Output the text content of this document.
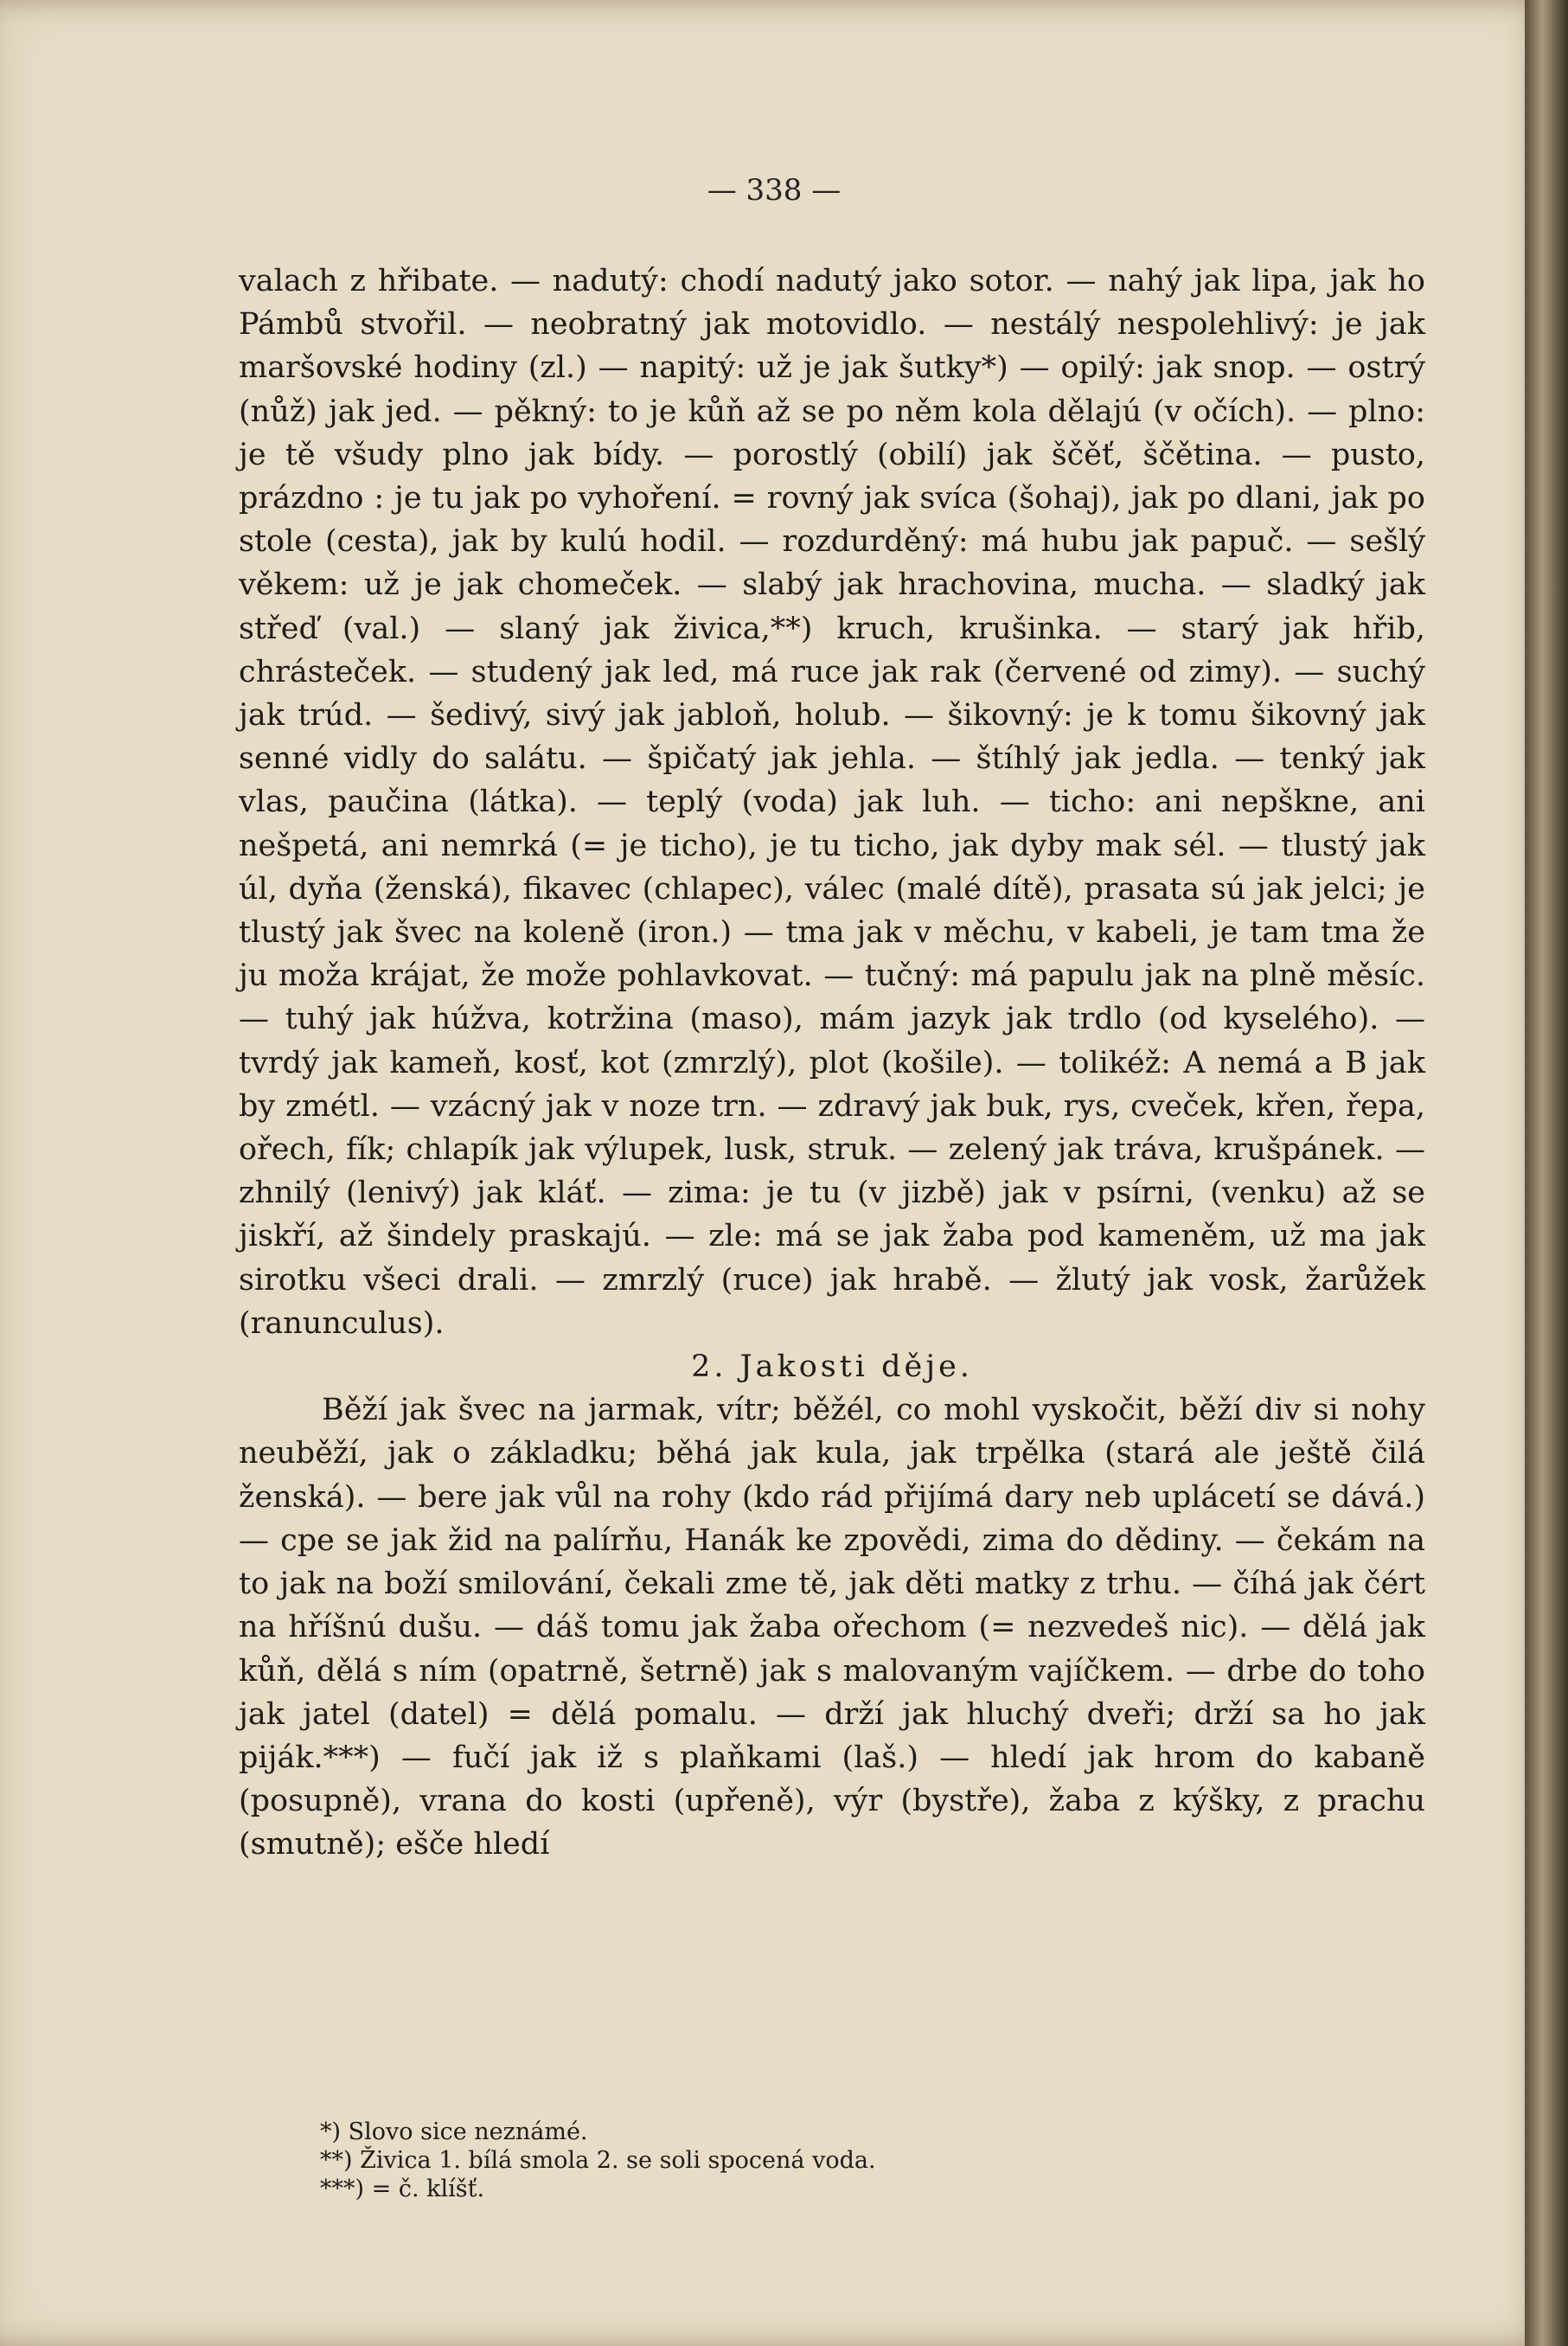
— 338 —

valach z hřibate. — nadutý: chodí nadutý jako sotor. — nahý jak lipa, jak ho Pámbů stvořil. — neobratný jak motovidlo. — nestálý nespolehlivý: je jak maršovské hodiny (zl.) — napitý: už je jak šutky*) — opilý: jak snop. — ostrý (nůž) jak jed. — pěkný: to je kůň až se po něm kola dělajú (v očích). — plno: je tě všudy plno jak bídy. — porostlý (obilí) jak ščěť, ščětina. — pusto, prázdno : je tu jak po vyhoření. = rovný jak svíca (šohaj), jak po dlani, jak po stole (cesta), jak by kulú hodil. — rozdurděný: má hubu jak papuč. — sešlý věkem: už je jak chomeček. — slabý jak hrachovina, mucha. — sladký jak střeď (val.) — slaný jak živica,**) kruch, krušinka. — starý jak hřib, chrásteček. — studený jak led, má ruce jak rak (červené od zimy). — suchý jak trúd. — šedivý, sivý jak jabloň, holub. — šikovný: je k tomu šikovný jak senné vidly do salátu. — špičatý jak jehla. — štíhlý jak jedla. — tenký jak vlas, paučina (látka). — teplý (voda) jak luh. — ticho: ani nepškne, ani nešpetá, ani nemrká (= je ticho), je tu ticho, jak dyby mak sél. — tlustý jak úl, dyňa (ženská), fikavec (chlapec), válec (malé dítě), prasata sú jak jelci; je tlustý jak švec na koleně (iron.) — tma jak v měchu, v kabeli, je tam tma že ju moža krájat, že može pohlavkovat. — tučný: má papulu jak na plně měsíc. — tuhý jak húžva, kotržina (maso), mám jazyk jak trdlo (od kyselého). — tvrdý jak kameň, kosť, kot (zmrzlý), plot (košile). — tolikéž: A nemá a B jak by zmétl. — vzácný jak v noze trn. — zdravý jak buk, rys, cveček, křen, řepa, ořech, fík; chlapík jak výlupek, lusk, struk. — zelený jak tráva, krušpánek. — zhnilý (lenivý) jak kláť. — zima: je tu (v jizbě) jak v psírni, (venku) až se jiskří, až šindely praskajú. — zle: má se jak žaba pod kameněm, už ma jak sirotku všeci drali. — zmrzlý (ruce) jak hrabě. — žlutý jak vosk, žarůžek (ranunculus).

2. Jakosti děje.

Běží jak švec na jarmak, vítr; běžél, co mohl vyskočit, běží div si nohy neuběží, jak o základku; běhá jak kula, jak trpělka (stará ale ještě čilá ženská). — bere jak vůl na rohy (kdo rád přijímá dary neb uplácetí se dává.) — cpe se jak žid na palírňu, Hanák ke zpovědi, zima do dědiny. — čekám na to jak na boží smilování, čekali zme tě, jak děti matky z trhu. — číhá jak čért na hříšnú dušu. — dáš tomu jak žaba ořechom (= nezvedeš nic). — dělá jak kůň, dělá s ním (opatrně, šetrně) jak s malovaným vajíčkem. — drbe do toho jak jatel (datel) = dělá pomalu. — drží jak hluchý dveři; drží sa ho jak piják.***) — fučí jak iž s plaňkami (laš.) — hledí jak hrom do kabaně (posupně), vrana do kosti (upřeně), výr (bystře), žaba z kýšky, z prachu (smutně); ešče hledí

*) Slovo sice neznámé.
**) Živica 1. bílá smola 2. se soli spocená voda.
***) = č. klíšť.
